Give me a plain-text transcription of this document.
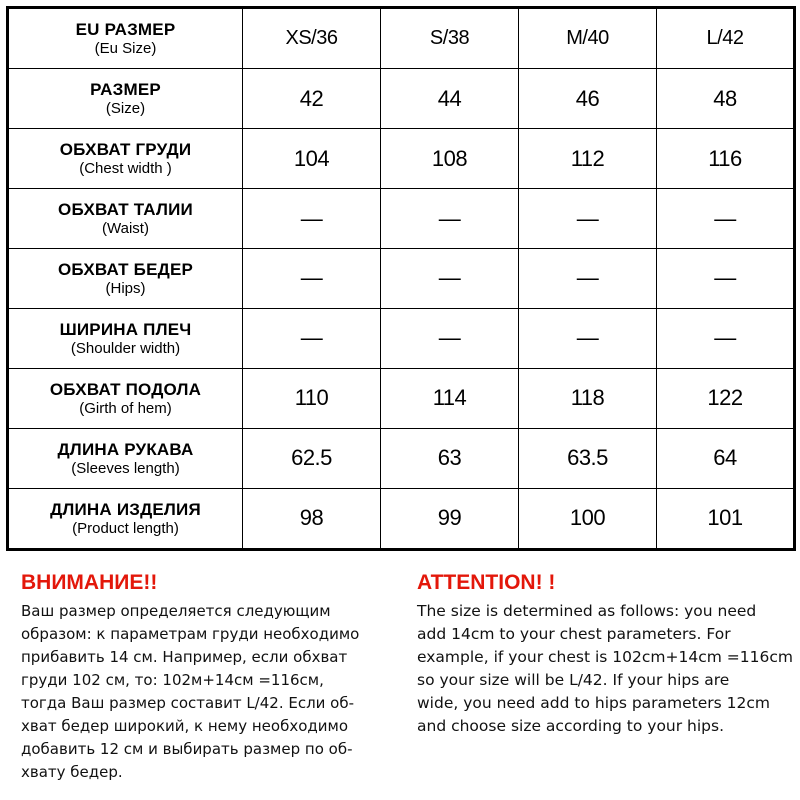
EU РАЗМЕР
(Eu Size)	XS/36	S/38	M/40	L/42

РАЗМЕР
(Size)	42	44	46	48

ОБХВАТ ГРУДИ
(Chest width )	104	108	112	116

ОБХВАТ ТАЛИИ
(Waist)	—	—	—	—

ОБХВАТ БЕДЕР
(Hips)	—	—	—	—

ШИРИНА ПЛЕЧ
(Shoulder width)	—	—	—	—

ОБХВАТ ПОДОЛА
(Girth of hem)	110	114	118	122

ДЛИНА РУКАВА
(Sleeves length)	62.5	63	63.5	64

ДЛИНА ИЗДЕЛИЯ
(Product length)	98	99	100	101

ВНИМАНИЕ!!

Ваш размер определяется следующим
образом: к параметрам груди необходимо
прибавить 14 см. Например, если обхват
груди 102 см, то: 102м+14см =116см,
тогда Ваш размер составит L/42. Если об-
хват бедер широкий, к нему необходимо
добавить 12 см и выбирать размер по об-
хвату бедер.

ATTENTION! !

The size is determined as follows: you need
add 14cm to your chest parameters. For
example, if your chest is 102cm+14cm =116cm
so your size will be L/42. If your hips are
wide, you need add to hips parameters 12cm
and choose size according to your hips.
